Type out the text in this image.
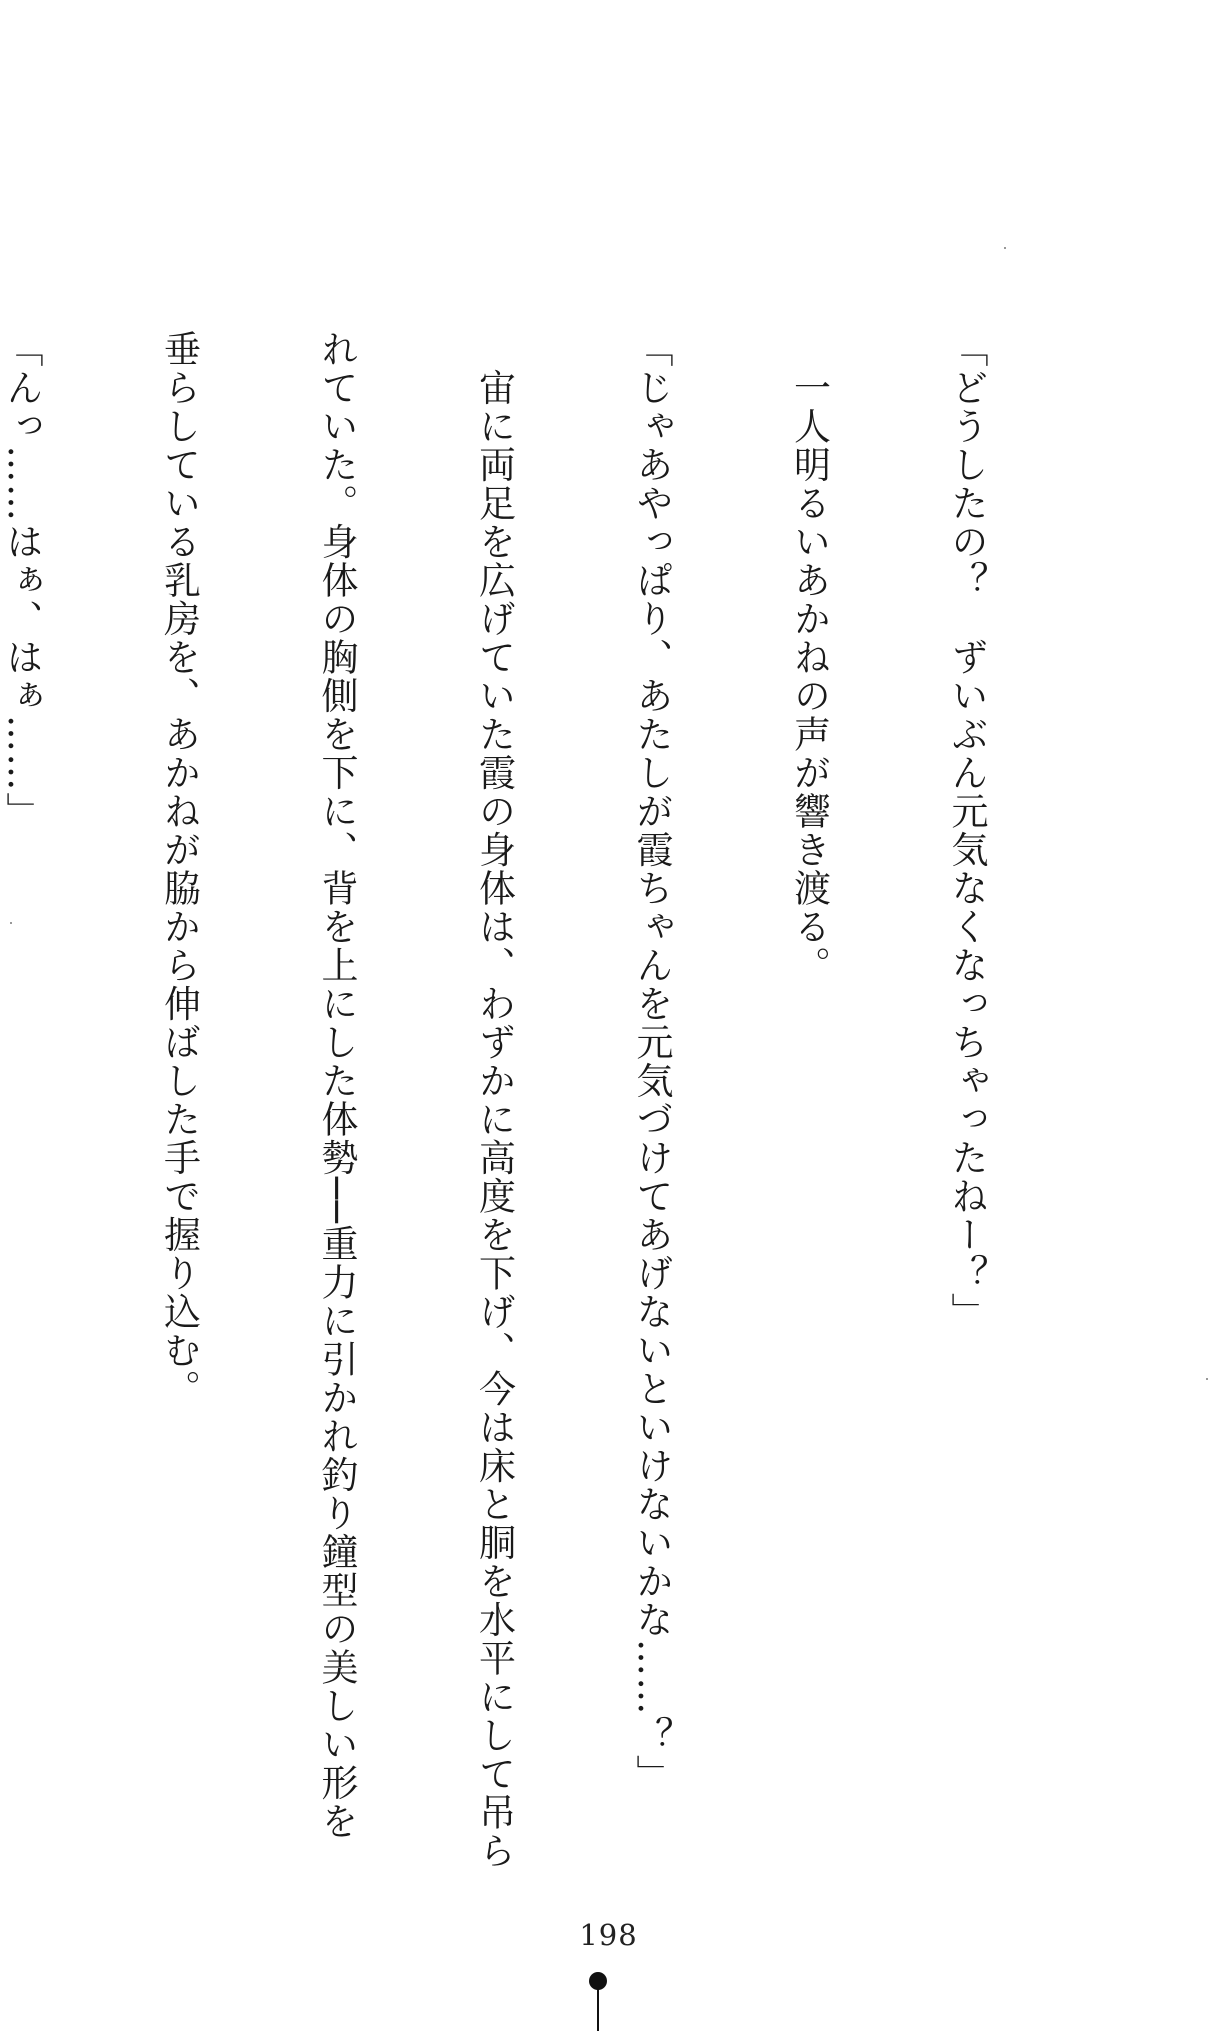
「どうしたの？　ずいぶん元気なくなっちゃったねー？」

　一人明るいあかねの声が響き渡る。

「じゃあやっぱり、あたしが霞ちゃんを元気づけてあげないといけないかな……？」

　宙に両足を広げていた霞の身体は、わずかに高度を下げ、今は床と胴を水平にして吊ら

れていた。身体の胸側を下に、背を上にした体勢──重力に引かれ釣り鐘型の美しい形を

垂らしている乳房を、あかねが脇から伸ばした手で握り込む。

「んっ……はぁ、はぁ……」

198
